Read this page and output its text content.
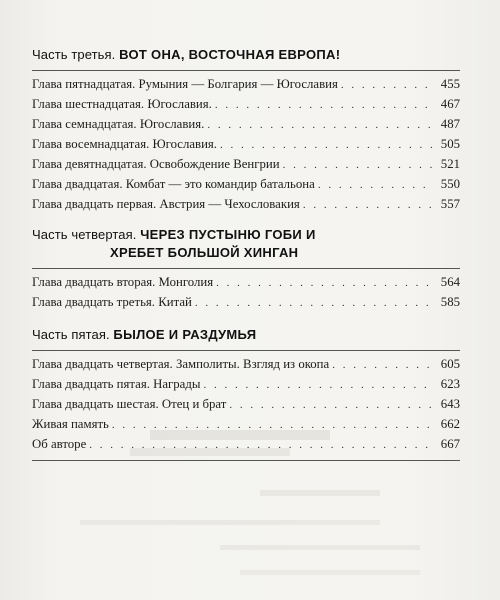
Часть третья. ВОТ ОНА, ВОСТОЧНАЯ ЕВРОПА!
Глава пятнадцатая. Румыния — Болгария — Югославия . . .	455
Глава шестнадцатая. Югославия. . . .	467
Глава семнадцатая. Югославия. . . .	487
Глава восемнадцатая. Югославия. . . .	505
Глава девятнадцатая. Освобождение Венгрии . . .	521
Глава двадцатая. Комбат — это командир батальона . . .	550
Глава двадцать первая. Австрия — Чехословакия . . .	557
Часть четвертая. ЧЕРЕЗ ПУСТЫНЮ ГОБИ И
ХРЕБЕТ БОЛЬШОЙ ХИНГАН
Глава двадцать вторая. Монголия . . .	564
Глава двадцать третья. Китай . . .	585
Часть пятая. БЫЛОЕ И РАЗДУМЬЯ
Глава двадцать четвертая. Замполиты. Взгляд из окопа . . .	605
Глава двадцать пятая. Награды . . .	623
Глава двадцать шестая. Отец и брат . . .	643
Живая память . . .	662
Об авторе . . .	667
